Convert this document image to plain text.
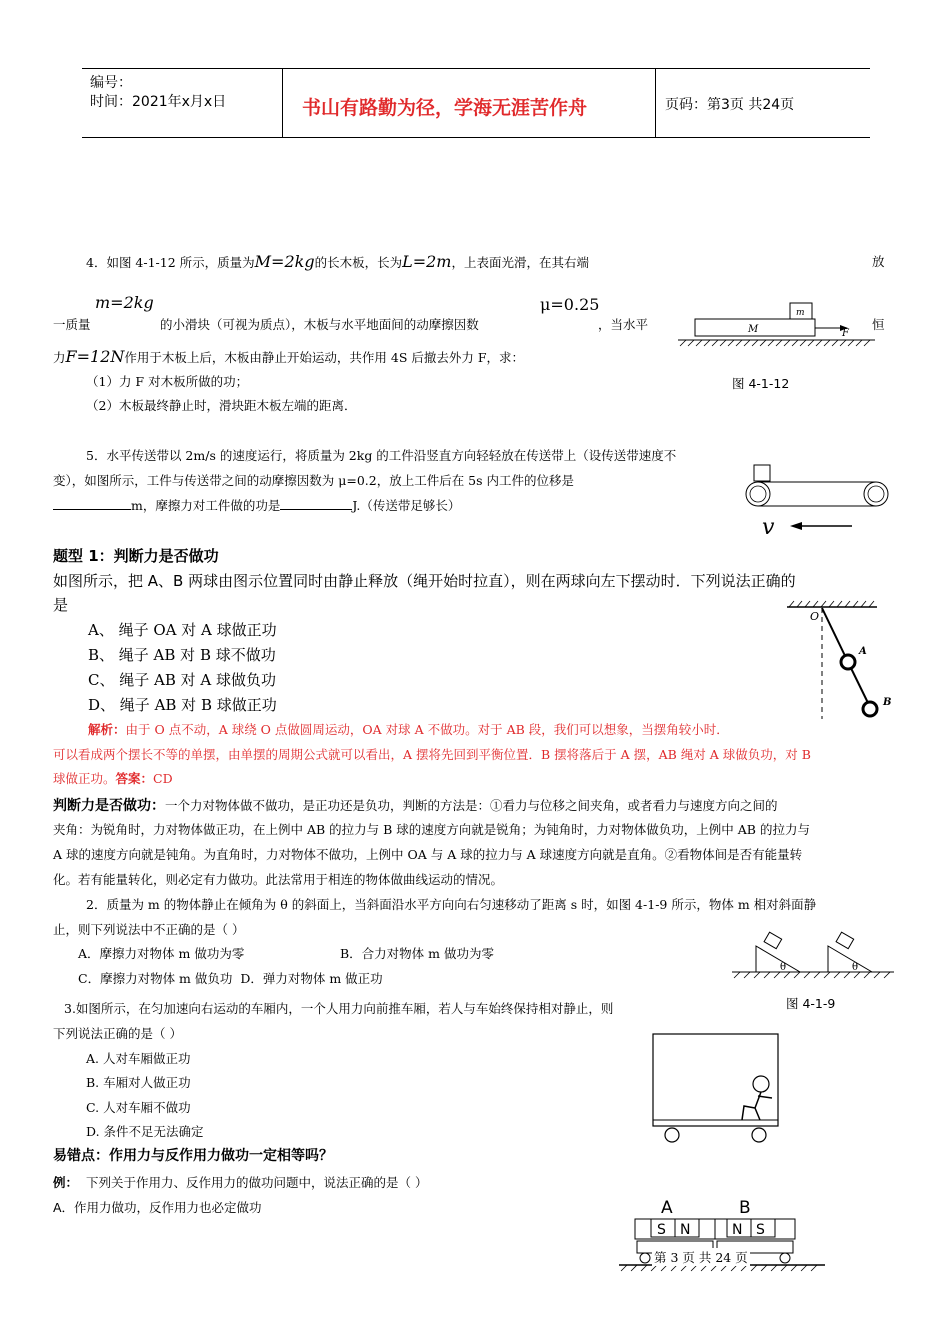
编号：
时间：2021年x月x日	书山有路勤为径，学海无涯苦作舟	页码：第3页 共24页
4．如图 4-1-12 所示，质量为M=2kg的长木板，长为L=2m，上表面光滑，在其右端	放
m=2kg	μ=0.25
一质量	的小滑块（可视为质点），木板与水平地面间的动摩擦因数	，当水平	恒
力F=12N作用于木板上后，木板由静止开始运动，共作用 4S 后撤去外力 F，求：
（1）力 F 对木板所做的功；
（2）木板最终静止时，滑块距木板左端的距离．
m
M	F
图 4-1-12
5．水平传送带以 2m/s 的速度运行，将质量为 2kg 的工件沿竖直方向轻轻放在传送带上（设传送带速度不
变），如图所示，工件与传送带之间的动摩擦因数为 μ=0.2，放上工件后在 5s 内工件的位移是
m，摩擦力对工件做的功是	J.（传送带足够长）
v
题型 1：判断力是否做功
如图所示，把 A、B 两球由图示位置同时由静止释放（绳开始时拉直），则在两球向左下摆动时．下列说法正确的
是
A、 绳子 OA 对 A 球做正功
B、 绳子 AB 对 B 球不做功
C、 绳子 AB 对 A 球做负功
D、 绳子 AB 对 B 球做正功
O
A
B
解析：由于 O 点不动，A 球绕 O 点做圆周运动，OA 对球 A 不做功。对于 AB 段，我们可以想象，当摆角较小时．
可以看成两个摆长不等的单摆，由单摆的周期公式就可以看出，A 摆将先回到平衡位置．B 摆将落后于 A 摆，AB 绳对 A 球做负功，对 B
球做正功。答案：CD
判断力是否做功：一个力对物体做不做功，是正功还是负功，判断的方法是：①看力与位移之间夹角，或者看力与速度方向之间的
夹角：为锐角时，力对物体做正功，在上例中 AB 的拉力与 B 球的速度方向就是锐角；为钝角时，力对物体做负功，上例中 AB 的拉力与
A 球的速度方向就是钝角。为直角时，力对物体不做功，上例中 OA 与 A 球的拉力与 A 球速度方向就是直角。②看物体间是否有能量转
化。若有能量转化，则必定有力做功。此法常用于相连的物体做曲线运动的情况。
2．质量为 m 的物体静止在倾角为 θ 的斜面上，当斜面沿水平方向向右匀速移动了距离 s 时，如图 4-1-9 所示，物体 m 相对斜面静
止，则下列说法中不正确的是（ ）
A．摩擦力对物体 m 做功为零	B．合力对物体 m 做功为零
C．摩擦力对物体 m 做负功 D．弹力对物体 m 做正功
θ	θ
图 4-1-9
3.如图所示，在匀加速向右运动的车厢内，一个人用力向前推车厢，若人与车始终保持相对静止，则
下列说法正确的是（ ）
A. 人对车厢做正功
B. 车厢对人做正功
C. 人对车厢不做功
D. 条件不足无法确定
易错点：作用力与反作用力做功一定相等吗？
例： 下列关于作用力、反作用力的做功问题中，说法正确的是（ ）
A．作用力做功，反作用力也必定做功	A	B
S N	N S
第 3 页 共 24 页
